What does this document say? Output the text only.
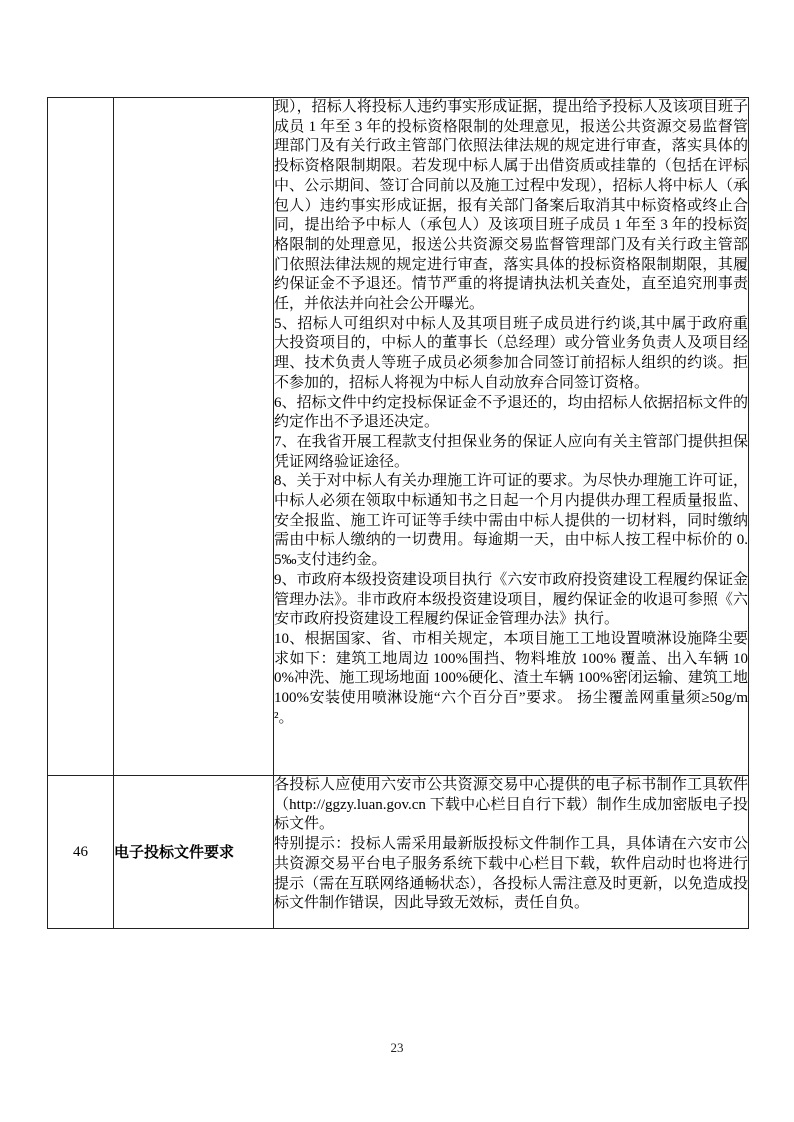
现），招标人将投标人违约事实形成证据，提出给予投标人及该项目班子成员 1 年至 3 年的投标资格限制的处理意见，报送公共资源交易监督管理部门及有关行政主管部门依照法律法规的规定进行审查，落实具体的投标资格限制期限。若发现中标人属于出借资质或挂靠的（包括在评标中、公示期间、签订合同前以及施工过程中发现），招标人将中标人（承包人）违约事实形成证据，报有关部门备案后取消其中标资格或终止合同，提出给予中标人（承包人）及该项目班子成员 1 年至 3 年的投标资格限制的处理意见，报送公共资源交易监督管理部门及有关行政主管部门依照法律法规的规定进行审查，落实具体的投标资格限制期限，其履约保证金不予退还。情节严重的将提请执法机关查处，直至追究刑事责任，并依法并向社会公开曝光。

5、招标人可组织对中标人及其项目班子成员进行约谈,其中属于政府重大投资项目的，中标人的董事长（总经理）或分管业务负责人及项目经理、技术负责人等班子成员必须参加合同签订前招标人组织的约谈。拒不参加的，招标人将视为中标人自动放弃合同签订资格。

6、招标文件中约定投标保证金不予退还的，均由招标人依据招标文件的约定作出不予退还决定。

7、在我省开展工程款支付担保业务的保证人应向有关主管部门提供担保凭证网络验证途径。

8、关于对中标人有关办理施工许可证的要求。为尽快办理施工许可证，中标人必须在领取中标通知书之日起一个月内提供办理工程质量报监、安全报监、施工许可证等手续中需由中标人提供的一切材料，同时缴纳需由中标人缴纳的一切费用。每逾期一天，由中标人按工程中标价的 0.5‰支付违约金。

9、市政府本级投资建设项目执行《六安市政府投资建设工程履约保证金管理办法》。非市政府本级投资建设项目，履约保证金的收退可参照《六安市政府投资建设工程履约保证金管理办法》执行。

10、根据国家、省、市相关规定，本项目施工工地设置喷淋设施降尘要求如下：建筑工地周边 100%围挡、物料堆放 100% 覆盖、出入车辆 100%冲洗、施工现场地面 100%硬化、渣土车辆 100%密闭运输、建筑工地 100%安装使用喷淋设施“六个百分百”要求。 扬尘覆盖网重量须≥50g/m²。

46	电子投标文件要求	各投标人应使用六安市公共资源交易中心提供的电子标书制作工具软件（http://ggzy.luan.gov.cn 下载中心栏目自行下载）制作生成加密版电子投标文件。

特别提示：投标人需采用最新版投标文件制作工具，具体请在六安市公共资源交易平台电子服务系统下载中心栏目下载，软件启动时也将进行提示（需在互联网络通畅状态），各投标人需注意及时更新，以免造成投标文件制作错误，因此导致无效标，责任自负。

23
